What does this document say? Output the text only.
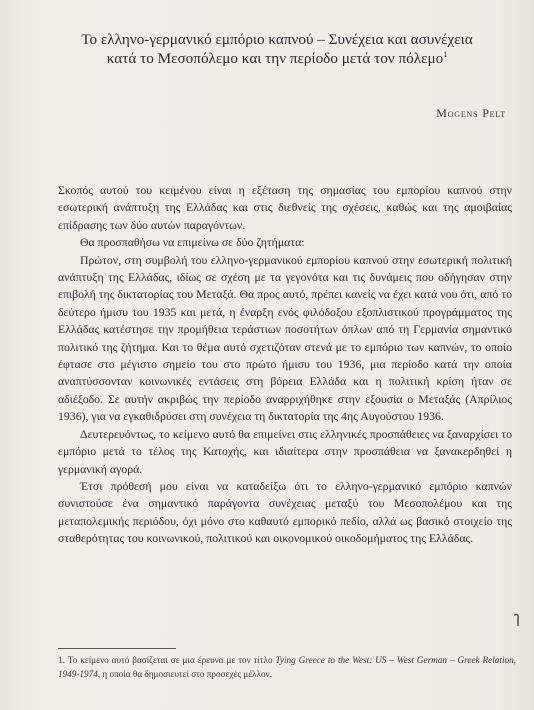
Το ελληνο-γερμανικό εμπόριο καπνού – Συνέχεια και ασυνέχεια
κατά το Μεσοπόλεμο και την περίοδο μετά τον πόλεμο$^1$
Mogens Pelt

Σκοπός αυτού του κειμένου είναι η εξέταση της σημασίας του εμπορίου καπνού στην εσωτερική ανάπτυξη της Ελλάδας και στις διεθνείς της σχέσεις, καθώς και της αμοιβαίας επίδρασης των δύο αυτών παραγόντων.

Θα προσπαθήσω να επιμείνω σε δύο ζητήματα:

Πρώτον, στη συμβολή του ελληνο-γερμανικού εμπορίου καπνού στην εσωτερική πολιτική ανάπτυξη της Ελλάδας, ιδίως σε σχέση με τα γεγονότα και τις δυνάμεις που οδήγησαν στην επιβολή της δικτατορίας του Μεταξά. Θα προς αυτό, πρέπει κανείς να έχει κατά νου ότι, από το δεύτερο ήμισυ του 1935 και μετά, η έναρξη ενός φιλόδοξου εξοπλιστικού προγράμματος της Ελλάδας κατέστησε την προμήθεια τεράστιων ποσοτήτων όπλων από τη Γερμανία σημαντικό πολιτικό της ζήτημα. Και το θέμα αυτό σχετιζόταν στενά με το εμπόριο των καπνών, το οποίο έφτασε στο μέγιστο σημείο του στο πρώτο ήμισυ του 1936, μια περίοδο κατά την οποία αναπτύσσονταν κοινωνικές εντάσεις στη βόρεια Ελλάδα και η πολιτική κρίση ήταν σε αδιέξοδο. Σε αυτήν ακριβώς την περίοδο αναρριχήθηκε στην εξουσία ο Μεταξάς (Απρίλιος 1936), για να εγκαθιδρύσει στη συνέχεια τη δικτατορία της 4ης Αυγούστου 1936.

Δευτερευόντως, το κείμενο αυτό θα επιμείνει στις ελληνικές προσπάθειες να ξαναρχίσει το εμπόριο μετά το τέλος της Κατοχής, και ιδιαίτερα στην προσπάθεια να ξανακερδηθεί η γερμανική αγορά.

Έτσι πρόθεσή μου είναι να καταδείξω ότι το ελληνο-γερμανικό εμπόριο καπνών συνιστούσε ένα σημαντικό παράγοντα συνέχειας μεταξύ του Μεσοπολέμου και της μεταπολεμικής περιόδου, όχι μόνο στο καθαυτό εμπορικό πεδίο, αλλά ως βασικό στοιχείο της σταθερότητας του κοινωνικού, πολιτικού και οικονομικού οικοδομήματος της Ελλάδας.

1. Το κείμενο αυτό βασίζεται σε μια έρευνα με τον τίτλο Tying Greece to the West: US – West German – Greek Relation, 1949-1974, η οποία θα δημοσιευτεί στο προσεχές μέλλον.
